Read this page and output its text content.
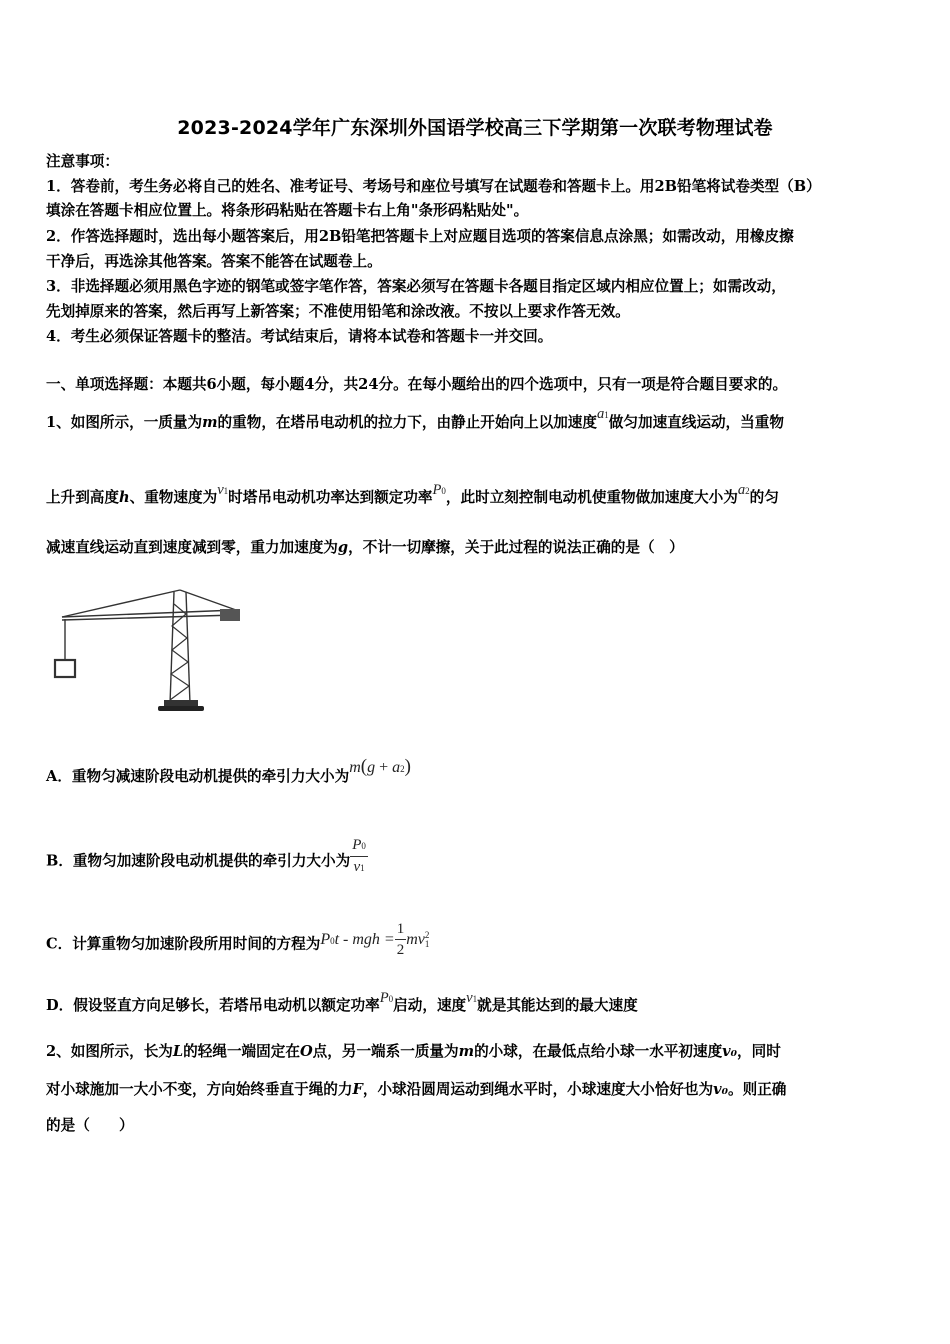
2023-2024学年广东深圳外国语学校高三下学期第一次联考物理试卷
注意事项：
1．答卷前，考生务必将自己的姓名、准考证号、考场号和座位号填写在试题卷和答题卡上。用2B铅笔将试卷类型（B）
填涂在答题卡相应位置上。将条形码粘贴在答题卡右上角"条形码粘贴处"。
2．作答选择题时，选出每小题答案后，用2B铅笔把答题卡上对应题目选项的答案信息点涂黑；如需改动，用橡皮擦
干净后，再选涂其他答案。答案不能答在试题卷上。
3．非选择题必须用黑色字迹的钢笔或签字笔作答，答案必须写在答题卡各题目指定区域内相应位置上；如需改动，
先划掉原来的答案，然后再写上新答案；不准使用铅笔和涂改液。不按以上要求作答无效。
4．考生必须保证答题卡的整洁。考试结束后，请将本试卷和答题卡一并交回。
一、单项选择题：本题共6小题，每小题4分，共24分。在每小题给出的四个选项中，只有一项是符合题目要求的。
1、如图所示，一质量为m的重物，在塔吊电动机的拉力下，由静止开始向上以加速度a1做匀加速直线运动，当重物
上升到高度h、重物速度为v1时塔吊电动机功率达到额定功率P0，此时立刻控制电动机使重物做加速度大小为a2的匀
减速直线运动直到速度减到零，重力加速度为g，不计一切摩擦，关于此过程的说法正确的是（　）
A．重物匀减速阶段电动机提供的牵引力大小为m(g + a2)
B．重物匀加速阶段电动机提供的牵引力大小为 $\frac{P0}{v1}$
C．计算重物匀加速阶段所用时间的方程为P0t - mgh = $\frac{1}{2}$ mv 2
1
D．假设竖直方向足够长，若塔吊电动机以额定功率P0启动，速度v1就是其能达到的最大速度
2、如图所示，长为L的轻绳一端固定在O点，另一端系一质量为m的小球，在最低点给小球一水平初速度v₀，同时
对小球施加一大小不变，方向始终垂直于绳的力F，小球沿圆周运动到绳水平时，小球速度大小恰好也为v₀。则正确
的是（　　）
